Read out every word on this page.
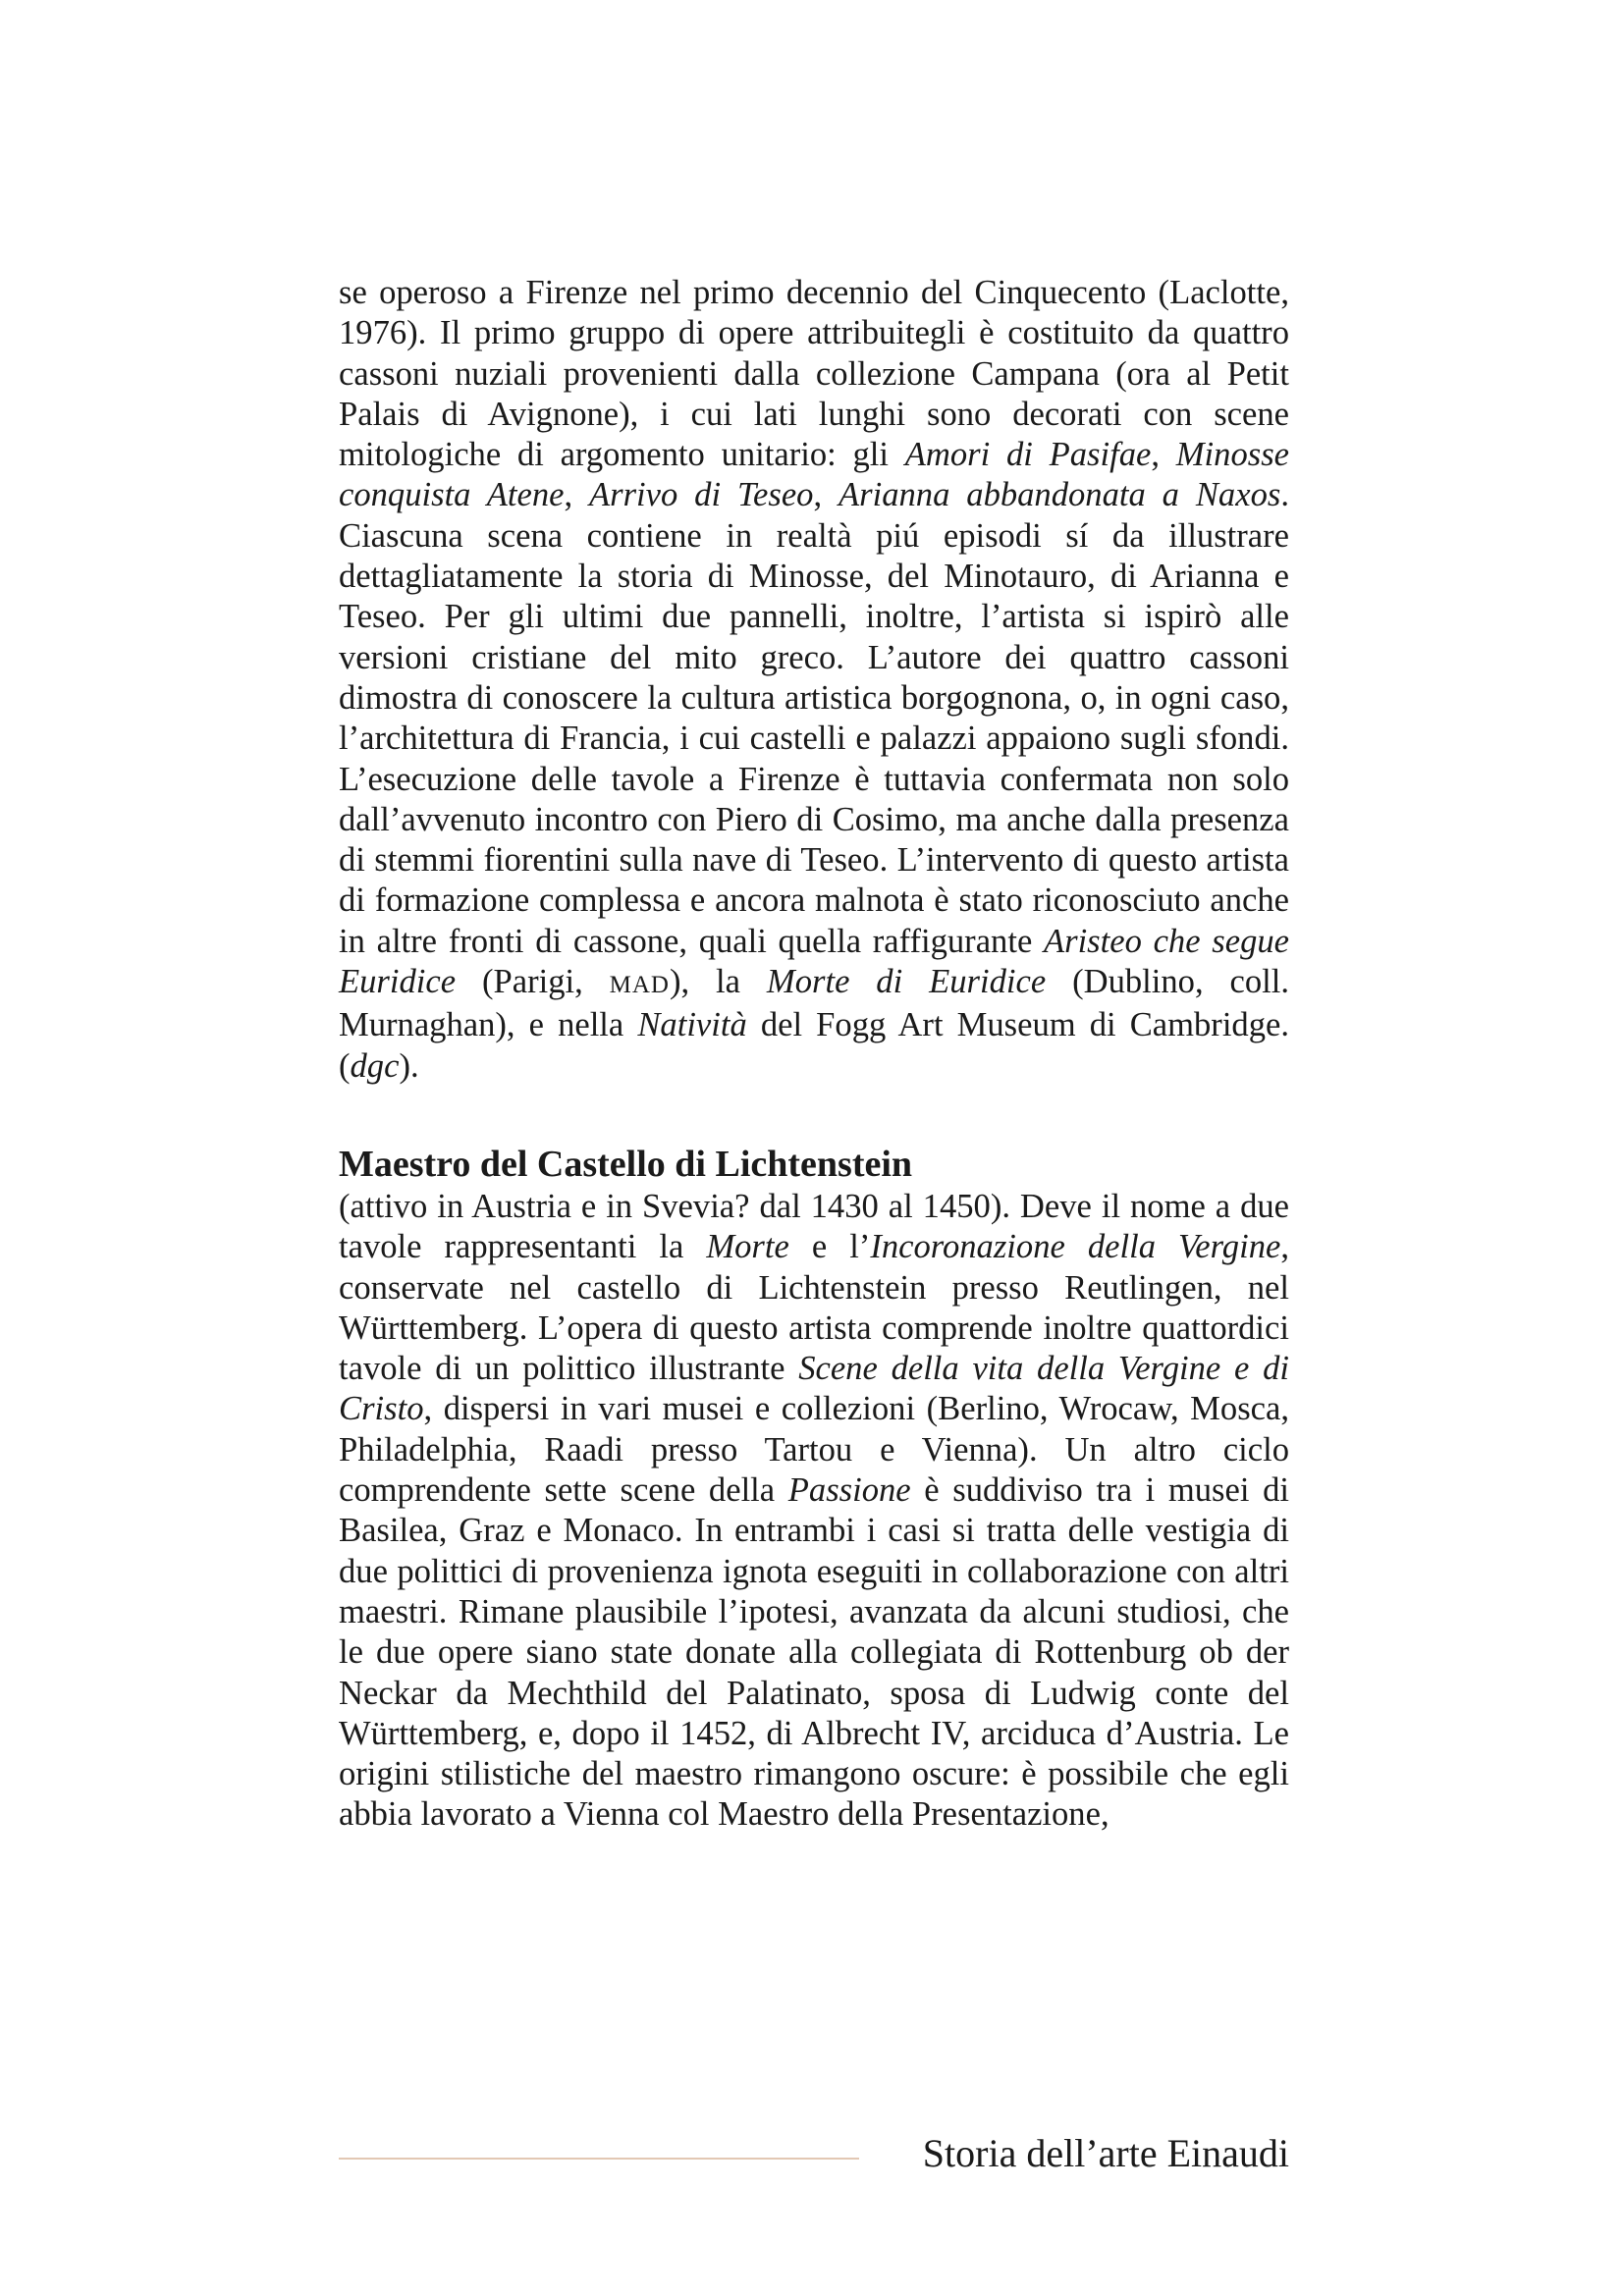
se operoso a Firenze nel primo decennio del Cinquecento (Laclotte, 1976). Il primo gruppo di opere attribuitegli è costituito da quattro cassoni nuziali provenienti dalla collezione Campana (ora al Petit Palais di Avignone), i cui lati lunghi sono decorati con scene mitologiche di argomento unitario: gli Amori di Pasifae, Minosse conquista Atene, Arrivo di Teseo, Arianna abbandonata a Naxos. Ciascuna scena contiene in realtà piú episodi sí da illustrare dettagliatamente la storia di Minosse, del Minotauro, di Arianna e Teseo. Per gli ultimi due pannelli, inoltre, l’artista si ispirò alle versioni cristiane del mito greco. L’autore dei quattro cassoni dimostra di conoscere la cultura artistica borgognona, o, in ogni caso, l’architettura di Francia, i cui castelli e palazzi appaiono sugli sfondi. L’esecuzione delle tavole a Firenze è tuttavia confermata non solo dall’avvenuto incontro con Piero di Cosimo, ma anche dalla presenza di stemmi fiorentini sulla nave di Teseo. L’intervento di questo artista di formazione complessa e ancora malnota è stato riconosciuto anche in altre fronti di cassone, quali quella raffigurante Aristeo che segue Euridice (Parigi, MAD), la Morte di Euridice (Dublino, coll. Murnaghan), e nella Natività del Fogg Art Museum di Cambridge. (dgc).

Maestro del Castello di Lichtenstein

(attivo in Austria e in Svevia? dal 1430 al 1450). Deve il nome a due tavole rappresentanti la Morte e l’Incoronazione della Vergine, conservate nel castello di Lichtenstein presso Reutlingen, nel Württemberg. L’opera di questo artista comprende inoltre quattordici tavole di un polittico illustrante Scene della vita della Vergine e di Cristo, dispersi in vari musei e collezioni (Berlino, Wrocaw, Mosca, Philadelphia, Raadi presso Tartou e Vienna). Un altro ciclo comprendente sette scene della Passione è suddiviso tra i musei di Basilea, Graz e Monaco. In entrambi i casi si tratta delle vestigia di due polittici di provenienza ignota eseguiti in collaborazione con altri maestri. Rimane plausibile l’ipotesi, avanzata da alcuni studiosi, che le due opere siano state donate alla collegiata di Rottenburg ob der Neckar da Mechthild del Palatinato, sposa di Ludwig conte del Württemberg, e, dopo il 1452, di Albrecht IV, arciduca d’Austria. Le origini stilistiche del maestro rimangono oscure: è possibile che egli abbia lavorato a Vienna col Maestro della Presentazione,

Storia dell’arte Einaudi
